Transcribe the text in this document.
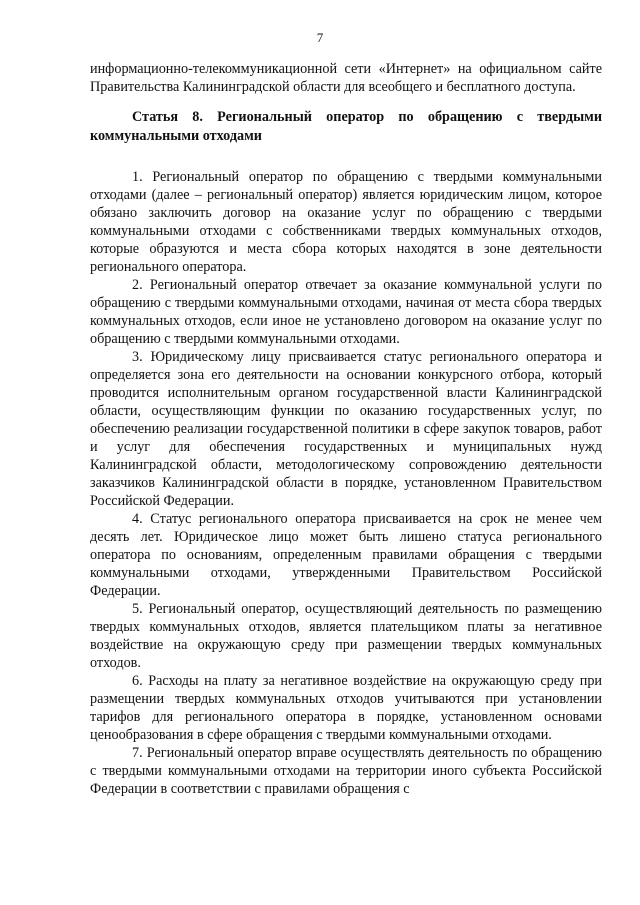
7

информационно-телекоммуникационной сети «Интернет» на официальном сайте Правительства Калининградской области для всеобщего и бесплатного доступа.

Статья 8. Региональный оператор по обращению с твердыми коммунальными отходами

1. Региональный оператор по обращению с твердыми коммунальными отходами (далее – региональный оператор) является юридическим лицом, которое обязано заключить договор на оказание услуг по обращению с твердыми коммунальными отходами с собственниками твердых коммунальных отходов, которые образуются и места сбора которых находятся в зоне деятельности регионального оператора.

2. Региональный оператор отвечает за оказание коммунальной услуги по обращению с твердыми коммунальными отходами, начиная от места сбора твердых коммунальных отходов, если иное не установлено договором на оказание услуг по обращению с твердыми коммунальными отходами.

3. Юридическому лицу присваивается статус регионального оператора и определяется зона его деятельности на основании конкурсного отбора, который проводится исполнительным органом государственной власти Калининградской области, осуществляющим функции по оказанию государственных услуг, по обеспечению реализации государственной политики в сфере закупок товаров, работ и услуг для обеспечения государственных и муниципальных нужд Калининградской области, методологическому сопровождению деятельности заказчиков Калининградской области в порядке, установленном Правительством Российской Федерации.

4. Статус регионального оператора присваивается на срок не менее чем десять лет. Юридическое лицо может быть лишено статуса регионального оператора по основаниям, определенным правилами обращения с твердыми коммунальными отходами, утвержденными Правительством Российской Федерации.

5. Региональный оператор, осуществляющий деятельность по размещению твердых коммунальных отходов, является плательщиком платы за негативное воздействие на окружающую среду при размещении твердых коммунальных отходов.

6. Расходы на плату за негативное воздействие на окружающую среду при размещении твердых коммунальных отходов учитываются при установлении тарифов для регионального оператора в порядке, установленном основами ценообразования в сфере обращения с твердыми коммунальными отходами.

7. Региональный оператор вправе осуществлять деятельность по обращению с твердыми коммунальными отходами на территории иного субъекта Российской Федерации в соответствии с правилами обращения с
